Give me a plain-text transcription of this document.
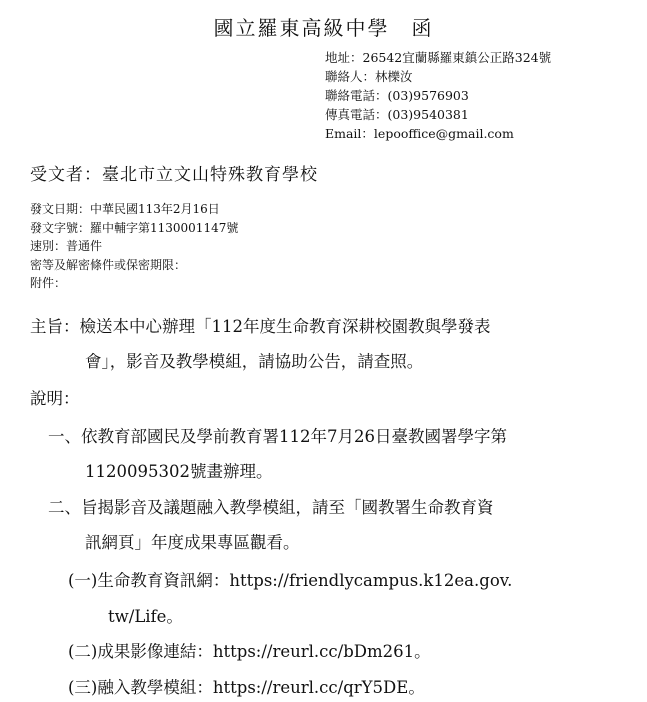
國立羅東高級中學　函
地址：26542宜蘭縣羅東鎮公正路324號
聯絡人：林櫟汝
聯絡電話：(03)9576903
傳真電話：(03)9540381
Email：lepooffice@gmail.com
受文者：臺北市立文山特殊教育學校
發文日期：中華民國113年2月16日
發文字號：羅中輔字第1130001147號
速別：普通件
密等及解密條件或保密期限：
附件：
主旨：檢送本中心辦理「112年度生命教育深耕校園教與學發表
會」，影音及教學模組，請協助公告，請查照。
說明：
一、依教育部國民及學前教育署112年7月26日臺教國署學字第
1120095302號畫辦理。
二、旨揭影音及議題融入教學模組，請至「國教署生命教育資
訊網頁」年度成果專區觀看。
(一)生命教育資訊網：https://friendlycampus.k12ea.gov.
tw/Life。
(二)成果影像連結：https://reurl.cc/bDm261。
(三)融入教學模組：https://reurl.cc/qrY5DE。
